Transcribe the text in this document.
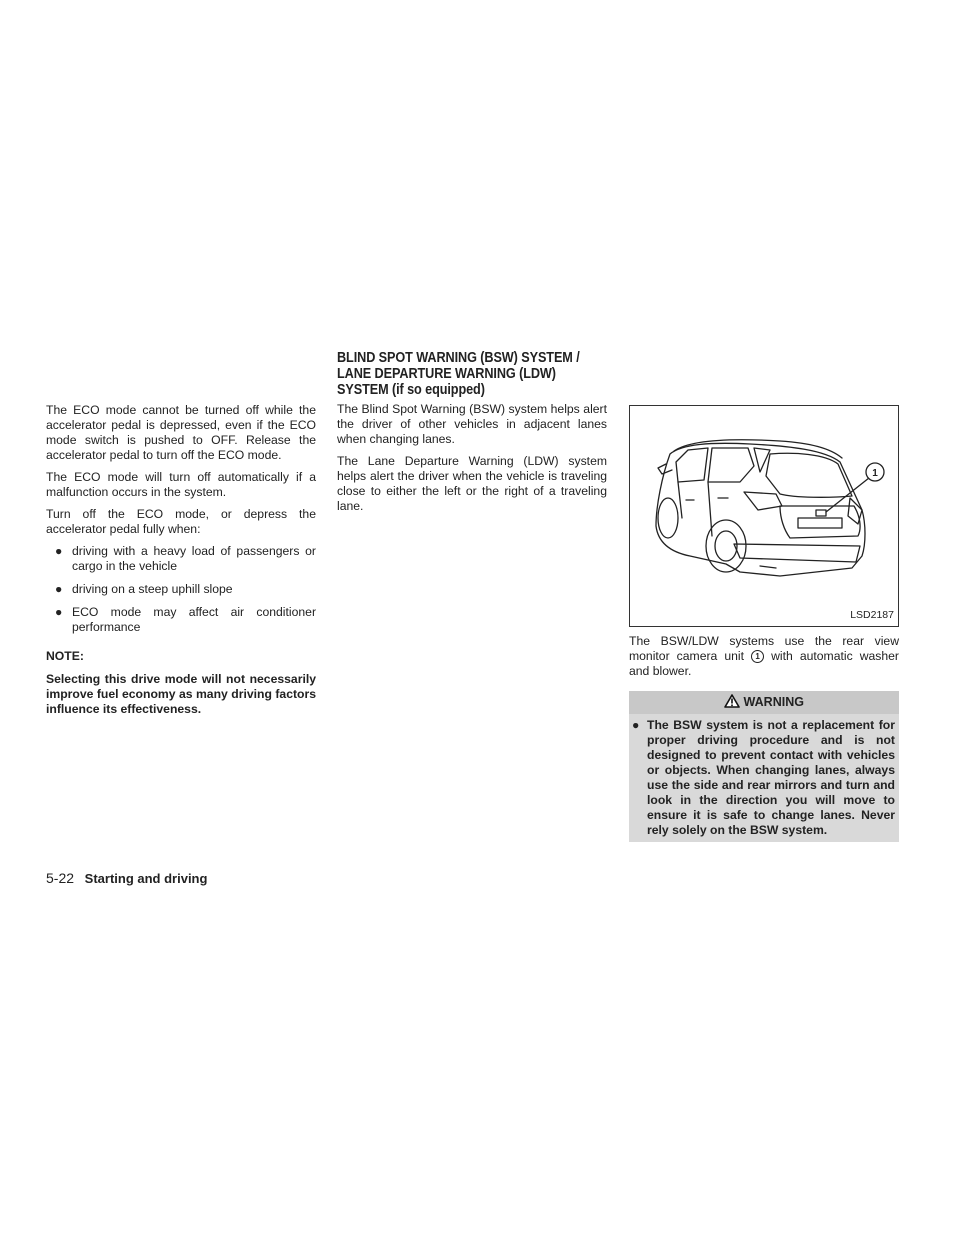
The ECO mode cannot be turned off while the accelerator pedal is depressed, even if the ECO mode switch is pushed to OFF. Release the accelerator pedal to turn off the ECO mode.

The ECO mode will turn off automatically if a malfunction occurs in the system.

Turn off the ECO mode, or depress the accelerator pedal fully when:

● driving with a heavy load of passengers or cargo in the vehicle
● driving on a steep uphill slope
● ECO mode may affect air conditioner performance

NOTE:

Selecting this drive mode will not necessarily improve fuel economy as many driving factors influence its effectiveness.

BLIND SPOT WARNING (BSW) SYSTEM / LANE DEPARTURE WARNING (LDW) SYSTEM (if so equipped)

The Blind Spot Warning (BSW) system helps alert the driver of other vehicles in adjacent lanes when changing lanes.

The Lane Departure Warning (LDW) system helps alert the driver when the vehicle is traveling close to either the left or the right of a traveling lane.

1
LSD2187

The BSW/LDW systems use the rear view monitor camera unit 1 with automatic washer and blower.

WARNING
● The BSW system is not a replacement for proper driving procedure and is not designed to prevent contact with vehicles or objects. When changing lanes, always use the side and rear mirrors and turn and look in the direction you will move to ensure it is safe to change lanes. Never rely solely on the BSW system.
5-22 Starting and driving
